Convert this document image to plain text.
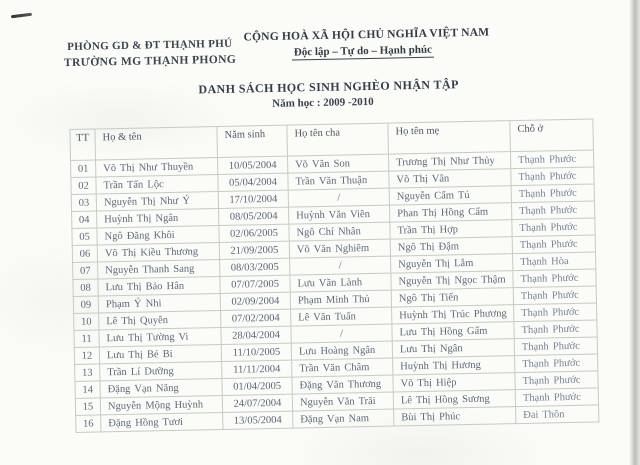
PHÒNG GD & ĐT THẠNH PHÚ
TRƯỜNG MG THẠNH PHONG
CỘNG HOÀ XÃ HỘI CHỦ NGHĨA VIỆT NAM
Độc lập – Tự do – Hạnh phúc
DANH SÁCH HỌC SINH NGHÈO NHẬN TẬP
Năm học : 2009 -2010
TT	Họ & tên	Năm sinh	Họ tên cha	Họ tên mẹ	Chỗ ở
01	Võ Thị Như Thuyền	10/05/2004	Võ Văn Son	Trương Thị Như Thủy	Thạnh Phước
02	Trần Tấn Lộc	05/04/2004	Trần Văn Thuận	Võ Thị Vân	Thạnh Phước
03	Nguyễn Thị Như Ý	17/10/2004	/	Nguyễn Cẩm Tú	Thạnh Phước
04	Huỳnh Thị Ngân	08/05/2004	Huỳnh Văn Viên	Phan Thị Hồng Cẩm	Thạnh Phước
05	Ngô Đăng Khôi	02/06/2005	Ngô Chí Nhân	Trần Thị Hợp	Thạnh Phước
06	Võ Thị Kiều Thương	21/09/2005	Võ Văn Nghiêm	Ngô Thị Đậm	Thạnh Phước
07	Nguyễn Thanh Sang	08/03/2005	/	Nguyễn Thị Lắm	Thạnh Hòa
08	Lưu Thị Bảo Hân	07/07/2005	Lưu Văn Lành	Nguyễn Thị Ngọc Thậm	Thạnh Phước
09	Phạm Ý Nhi	02/09/2004	Phạm Minh Thủ	Ngô Thị Tiến	Thạnh Phước
10	Lê Thị Quyên	07/02/2004	Lê Văn Tuấn	Huỳnh Thị Trúc Phương	Thạnh Phước
11	Lưu Thị Tường Vi	28/04/2004	/	Lưu Thị Hồng Gấm	Thạnh Phước
12	Lưu Thị Bé Bi	11/10/2005	Lưu Hoàng Ngân	Lưu Thị Ngân	Thạnh Phước
13	Trần Lí Dưỡng	11/11/2004	Trần Văn Châm	Huỳnh Thị Hương	Thạnh Phước
14	Đặng Vạn Năng	01/04/2005	Đặng Văn Thương	Võ Thị Hiệp	Thạnh Phước
15	Nguyễn Mộng Huỳnh	24/07/2004	Nguyễn Văn Trãi	Lê Thị Hồng Sương	Thạnh Phước
16	Đặng Hồng Tươi	13/05/2004	Đặng Vạn Nam	Bùi Thị Phúc	Đai Thôn
